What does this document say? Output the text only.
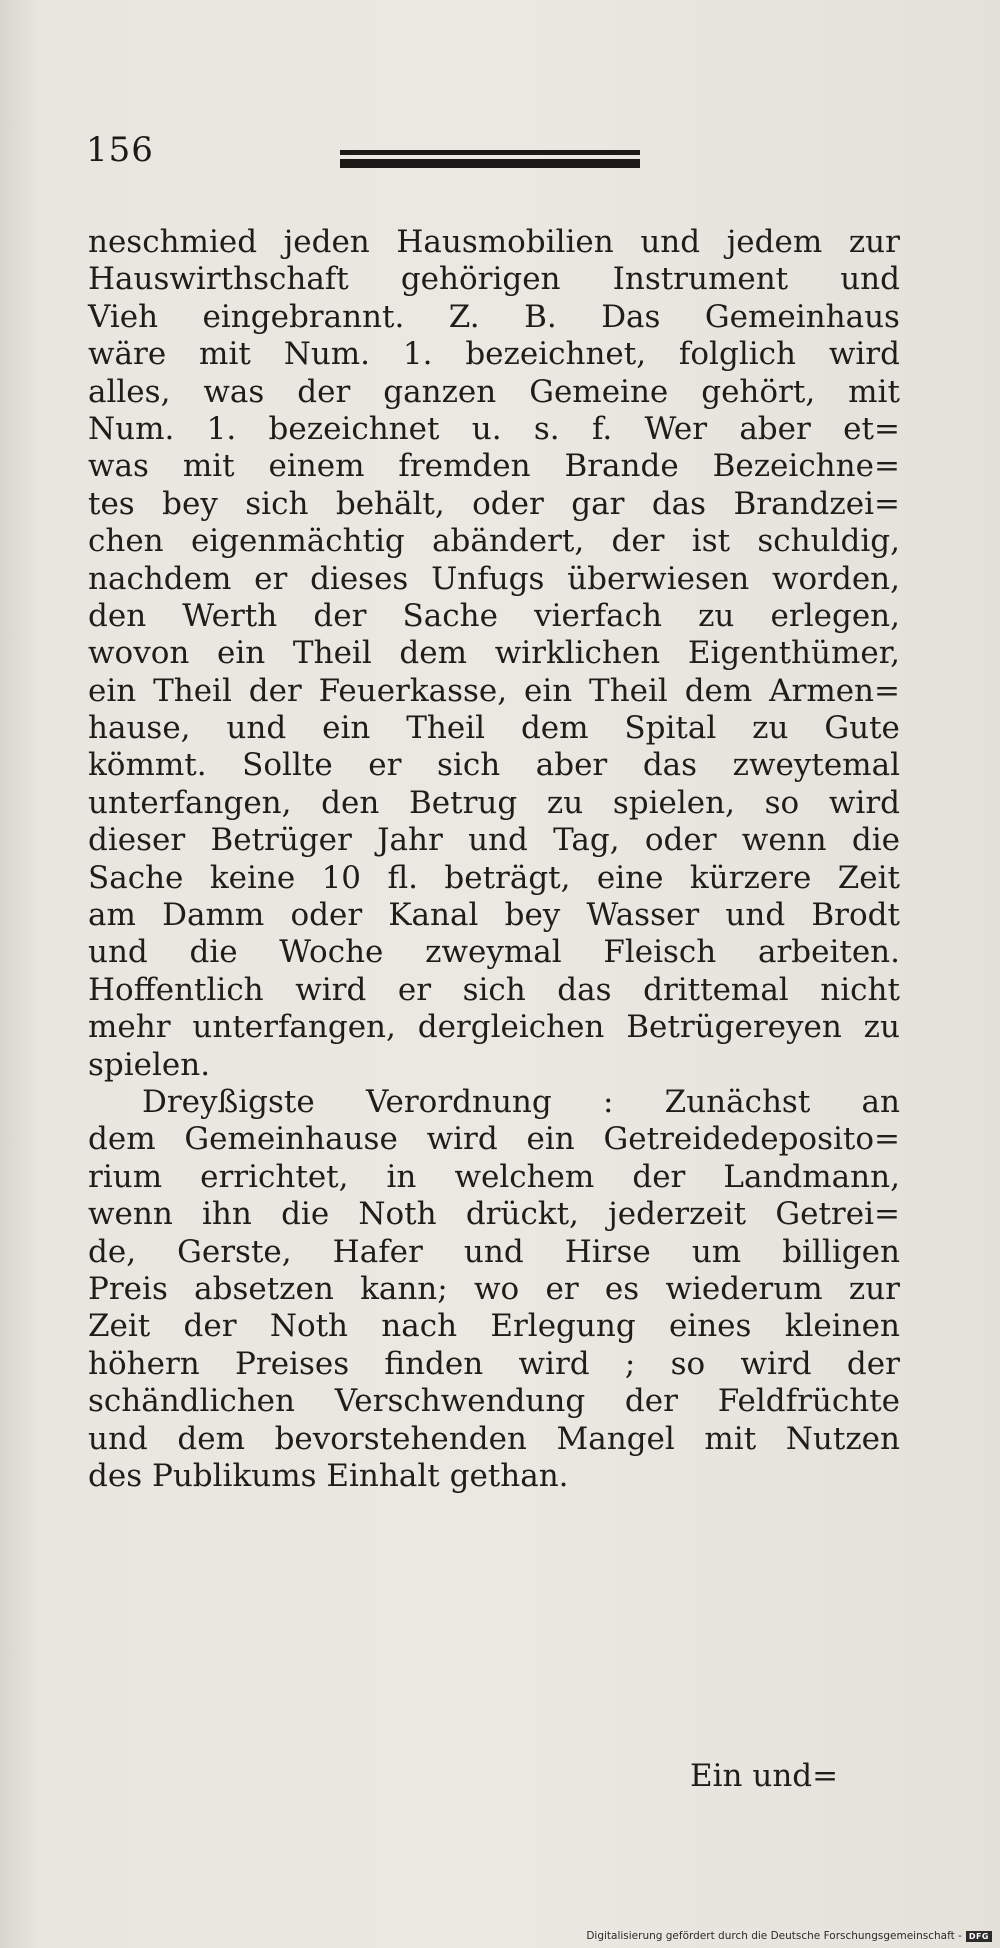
156
neschmied jeden Hausmobilien und jedem zur
Hauswirthschaft gehörigen Instrument und
Vieh eingebrannt. Z. B. Das Gemeinhaus
wäre mit Num. 1. bezeichnet, folglich wird
alles, was der ganzen Gemeine gehört, mit
Num. 1. bezeichnet u. s. f. Wer aber et=
was mit einem fremden Brande Bezeichne=
tes bey sich behält, oder gar das Brandzei=
chen eigenmächtig abändert, der ist schuldig,
nachdem er dieses Unfugs überwiesen worden,
den Werth der Sache vierfach zu erlegen,
wovon ein Theil dem wirklichen Eigenthümer,
ein Theil der Feuerkasse, ein Theil dem Armen=
hause, und ein Theil dem Spital zu Gute
kömmt. Sollte er sich aber das zweytemal
unterfangen, den Betrug zu spielen, so wird
dieser Betrüger Jahr und Tag, oder wenn die
Sache keine 10 fl. beträgt, eine kürzere Zeit
am Damm oder Kanal bey Wasser und Brodt
und die Woche zweymal Fleisch arbeiten.
Hoffentlich wird er sich das drittemal nicht
mehr unterfangen, dergleichen Betrügereyen zu
spielen.

Dreyßigste Verordnung : Zunächst an
dem Gemeinhause wird ein Getreidedeposito=
rium errichtet, in welchem der Landmann,
wenn ihn die Noth drückt, jederzeit Getrei=
de, Gerste, Hafer und Hirse um billigen
Preis absetzen kann; wo er es wiederum zur
Zeit der Noth nach Erlegung eines kleinen
höhern Preises finden wird ; so wird der
schändlichen Verschwendung der Feldfrüchte
und dem bevorstehenden Mangel mit Nutzen
des
Publikums
Einhalt
gethan.

Ein und=
Digitalisierung gefördert durch die Deutsche Forschungsgemeinschaft - DFG
